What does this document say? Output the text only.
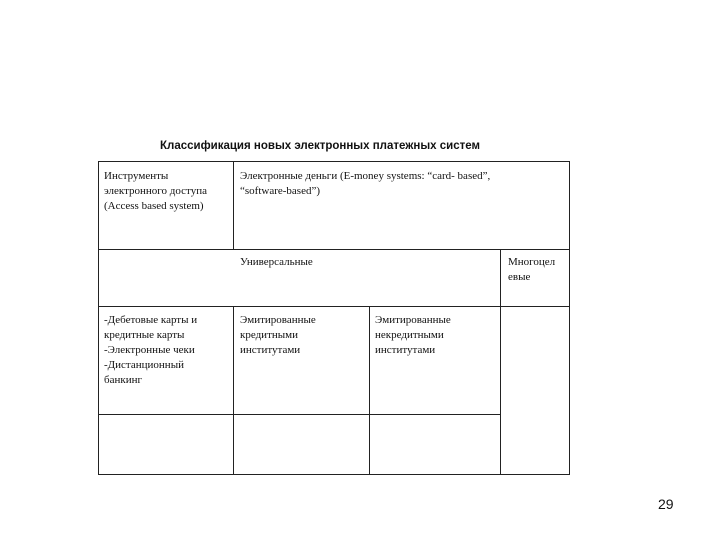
Классификация новых электронных платежных систем
Инструменты
электронного доступа
(Access based system)
Электронные деньги (E-money systems: “card- based”,
“software-based”)
Универсальные	Многоцел
евые
-Дебетовые карты и
кредитные карты
-Электронные чеки
-Дистанционный
банкинг
Эмитированные
кредитными
институтами
Эмитированные
некредитными
институтами
29
